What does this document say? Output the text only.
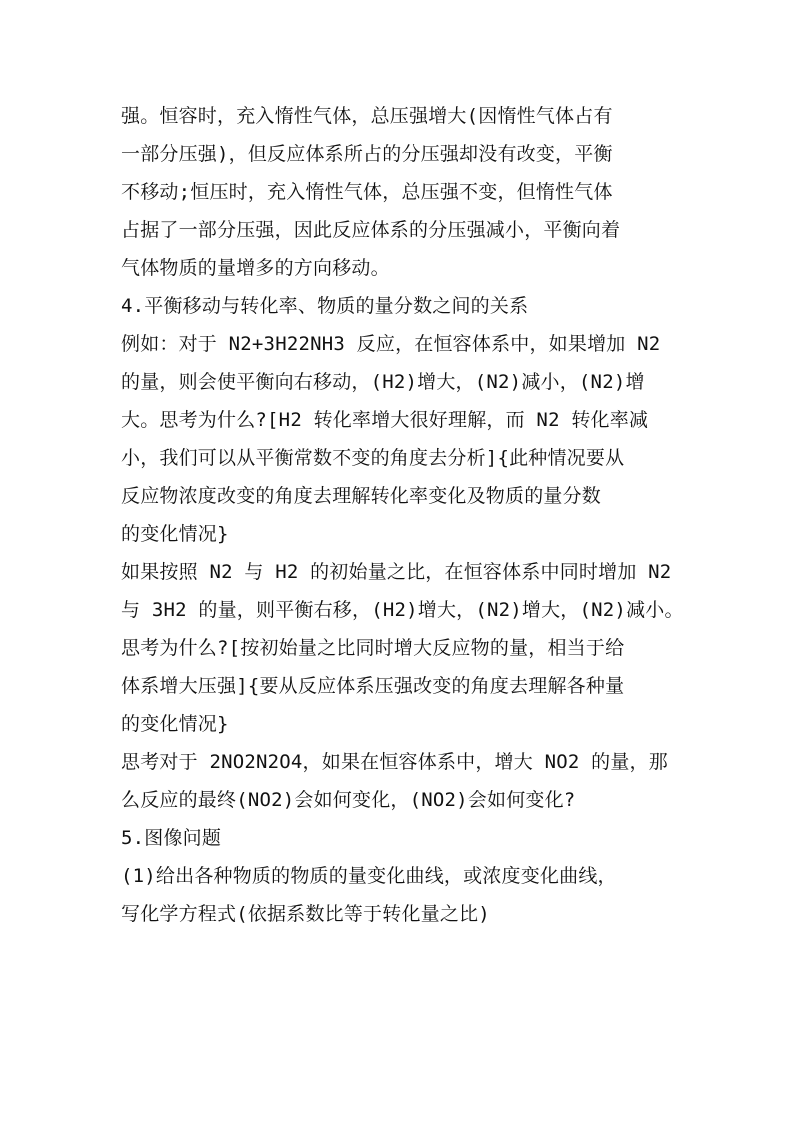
强。恒容时，充入惰性气体，总压强增大(因惰性气体占有
一部分压强)，但反应体系所占的分压强却没有改变，平衡
不移动;恒压时，充入惰性气体，总压强不变，但惰性气体
占据了一部分压强，因此反应体系的分压强减小，平衡向着
气体物质的量增多的方向移动。
4.平衡移动与转化率、物质的量分数之间的关系
例如：对于 N2+3H22NH3 反应，在恒容体系中，如果增加 N2
的量，则会使平衡向右移动，(H2)增大，(N2)减小，(N2)增
大。思考为什么?[H2 转化率增大很好理解，而 N2 转化率减
小，我们可以从平衡常数不变的角度去分析]{此种情况要从
反应物浓度改变的角度去理解转化率变化及物质的量分数
的变化情况}
如果按照 N2 与 H2 的初始量之比，在恒容体系中同时增加 N2
与 3H2 的量，则平衡右移，(H2)增大，(N2)增大，(N2)减小。
思考为什么?[按初始量之比同时增大反应物的量，相当于给
体系增大压强]{要从反应体系压强改变的角度去理解各种量
的变化情况}
思考对于 2NO2N2O4，如果在恒容体系中，增大 NO2 的量，那
么反应的最终(NO2)会如何变化，(NO2)会如何变化?
5.图像问题
(1)给出各种物质的物质的量变化曲线，或浓度变化曲线，
写化学方程式(依据系数比等于转化量之比)
